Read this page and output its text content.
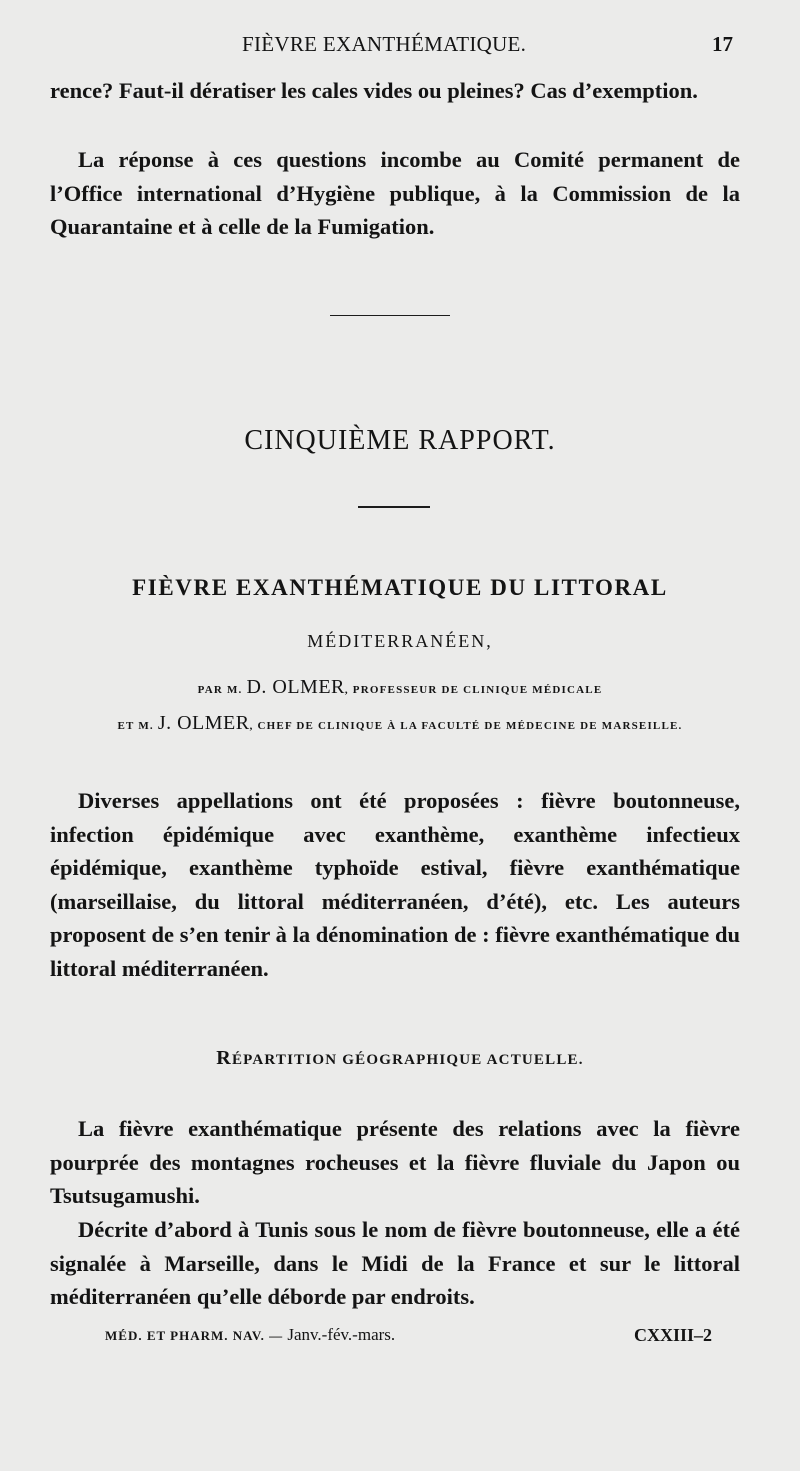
FIÈVRE EXANTHÉMATIQUE.	17

rence? Faut-il dératiser les cales vides ou pleines? Cas d’exemption.

La réponse à ces questions incombe au Comité permanent de l’Office international d’Hygiène publique, à la Commission de la Quarantaine et à celle de la Fumigation.

CINQUIÈME RAPPORT.

FIÈVRE EXANTHÉMATIQUE DU LITTORAL

MÉDITERRANÉEN,

PAR M. D. OLMER, PROFESSEUR DE CLINIQUE MÉDICALE

ET M. J. OLMER, CHEF DE CLINIQUE À LA FACULTÉ DE MÉDECINE DE MARSEILLE.

Diverses appellations ont été proposées : fièvre boutonneuse, infection épidémique avec exanthème, exanthème infectieux épidémique, exanthème typhoïde estival, fièvre exanthématique (marseillaise, du littoral méditerranéen, d’été), etc. Les auteurs proposent de s’en tenir à la dénomination de : fièvre exanthématique du littoral méditerranéen.

RÉPARTITION GÉOGRAPHIQUE ACTUELLE.

La fièvre exanthématique présente des relations avec la fièvre pourprée des montagnes rocheuses et la fièvre fluviale du Japon ou Tsutsugamushi.

Décrite d’abord à Tunis sous le nom de fièvre boutonneuse, elle a été signalée à Marseille, dans le Midi de la France et sur le littoral méditerranéen qu’elle déborde par endroits.

MÉD. ET PHARM. NAV. — Janv.-fév.-mars.	CXXIII–2
